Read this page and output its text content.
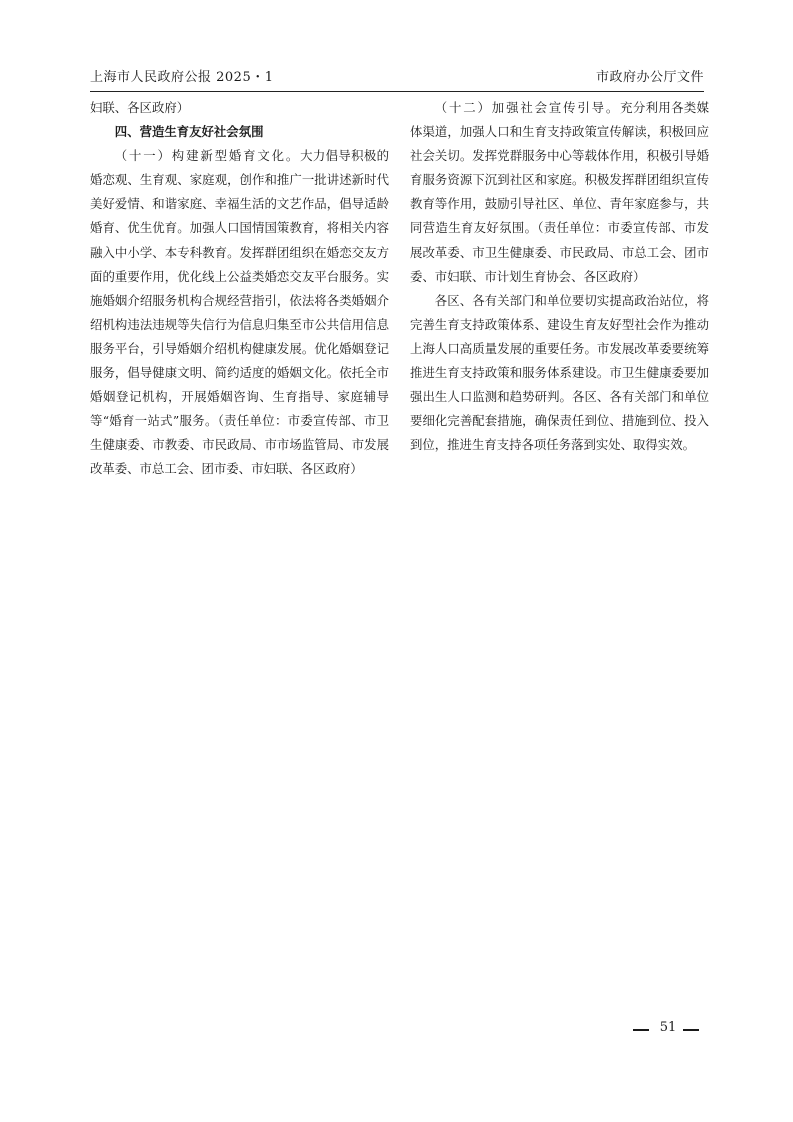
上海市人民政府公报 2025・1	市政府办公厅文件

妇联、各区政府）

四、营造生育友好社会氛围

（十一）构建新型婚育文化。大力倡导积极的婚恋观、生育观、家庭观，创作和推广一批讲述新时代美好爱情、和谐家庭、幸福生活的文艺作品，倡导适龄婚育、优生优育。加强人口国情国策教育，将相关内容融入中小学、本专科教育。发挥群团组织在婚恋交友方面的重要作用，优化线上公益类婚恋交友平台服务。实施婚姻介绍服务机构合规经营指引，依法将各类婚姻介绍机构违法违规等失信行为信息归集至市公共信用信息服务平台，引导婚姻介绍机构健康发展。优化婚姻登记服务，倡导健康文明、简约适度的婚姻文化。依托全市婚姻登记机构，开展婚姻咨询、生育指导、家庭辅导等“婚育一站式”服务。（责任单位：市委宣传部、市卫生健康委、市教委、市民政局、市市场监管局、市发展改革委、市总工会、团市委、市妇联、各区政府）

（十二）加强社会宣传引导。充分利用各类媒体渠道，加强人口和生育支持政策宣传解读，积极回应社会关切。发挥党群服务中心等载体作用，积极引导婚育服务资源下沉到社区和家庭。积极发挥群团组织宣传教育等作用，鼓励引导社区、单位、青年家庭参与，共同营造生育友好氛围。（责任单位：市委宣传部、市发展改革委、市卫生健康委、市民政局、市总工会、团市委、市妇联、市计划生育协会、各区政府）

各区、各有关部门和单位要切实提高政治站位，将完善生育支持政策体系、建设生育友好型社会作为推动上海人口高质量发展的重要任务。市发展改革委要统筹推进生育支持政策和服务体系建设。市卫生健康委要加强出生人口监测和趋势研判。各区、各有关部门和单位要细化完善配套措施，确保责任到位、措施到位、投入到位，推进生育支持各项任务落到实处、取得实效。

51
